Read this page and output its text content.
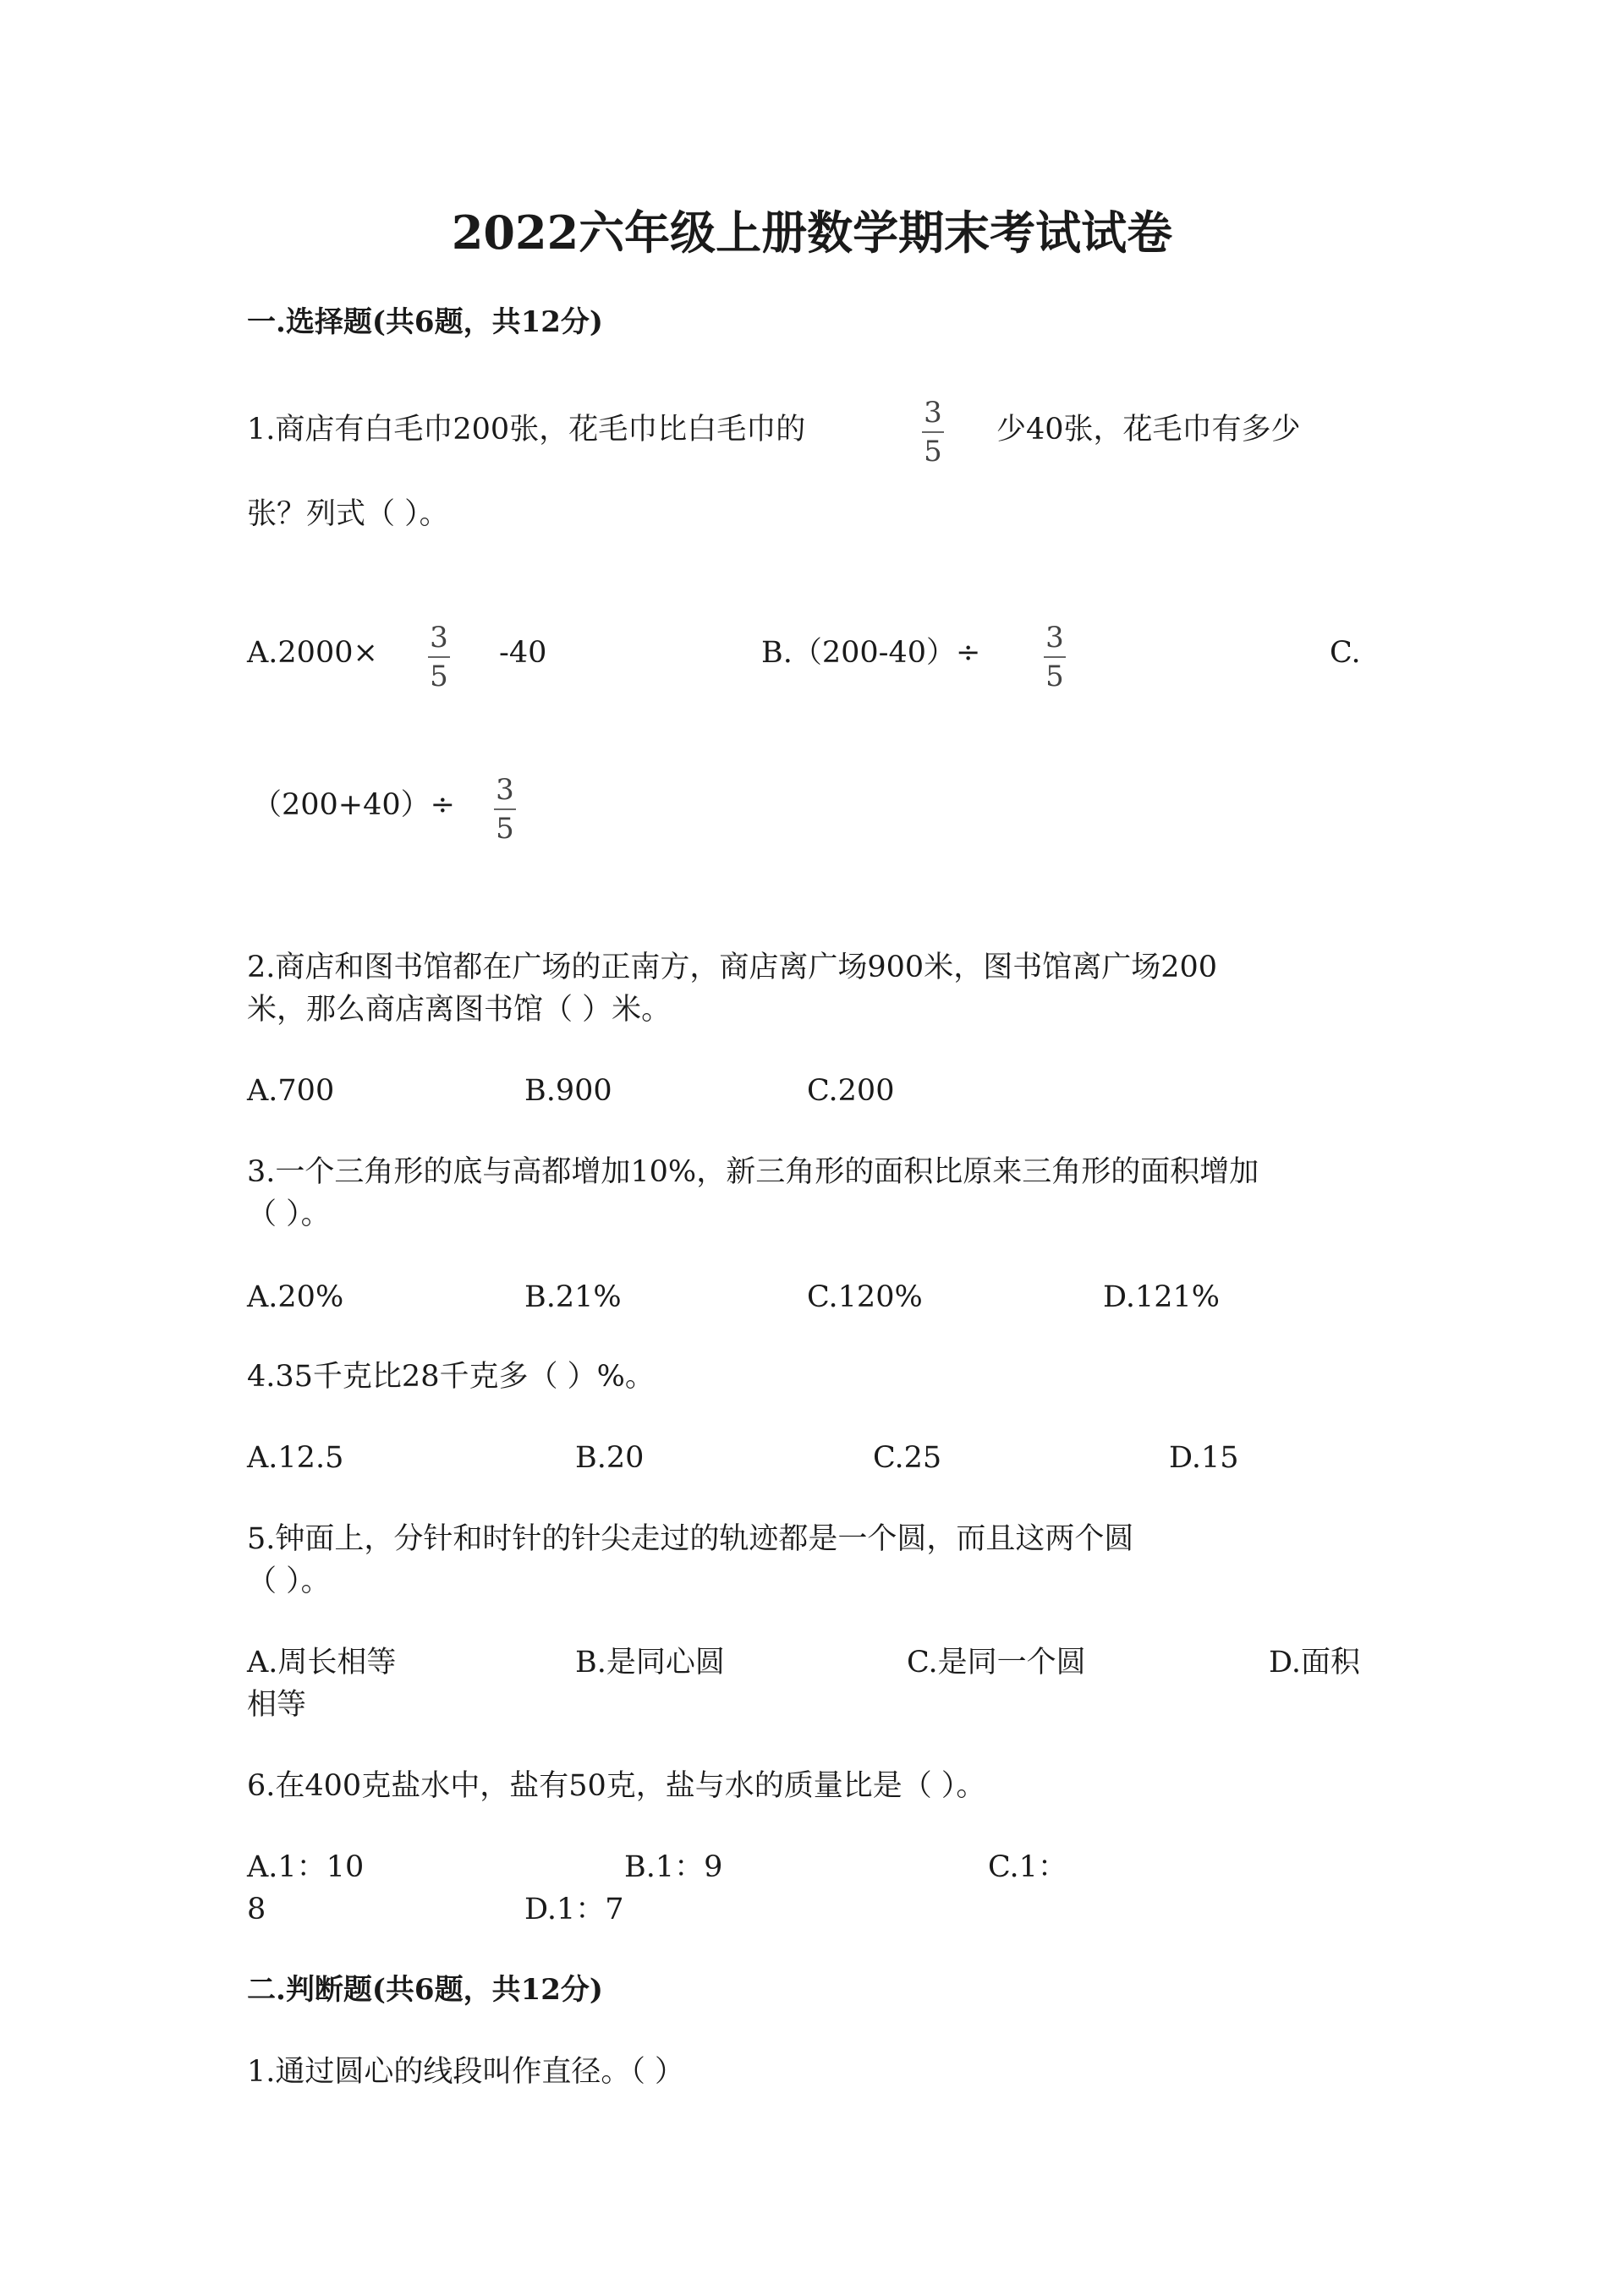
2022六年级上册数学期末考试试卷
一.选择题(共6题，共12分)
1.商店有白毛巾200张，花毛巾比白毛巾的	3
5
少40张，花毛巾有多少
张？列式（ ）。
A.2000× 3
5
-40	B.（200-40）÷ 3
5
C.
（200+40）÷ 3
5
2.商店和图书馆都在广场的正南方，商店离广场900米，图书馆离广场200
米，那么商店离图书馆（ ）米。
A.700	B.900	C.200
3.一个三角形的底与高都增加10%，新三角形的面积比原来三角形的面积增加
（ ）。
A.20%	B.21%	C.120%	D.121%
4.35千克比28千克多（ ）%。
A.12.5	B.20	C.25	D.15
5.钟面上，分针和时针的针尖走过的轨迹都是一个圆，而且这两个圆
（ ）。
A.周长相等	B.是同心圆	C.是同一个圆	D.面积
相等
6.在400克盐水中，盐有50克，盐与水的质量比是（ ）。
A.1：10	B.1：9	C.1：
8	D.1：7
二.判断题(共6题，共12分)
1.通过圆心的线段叫作直径。（ ）
